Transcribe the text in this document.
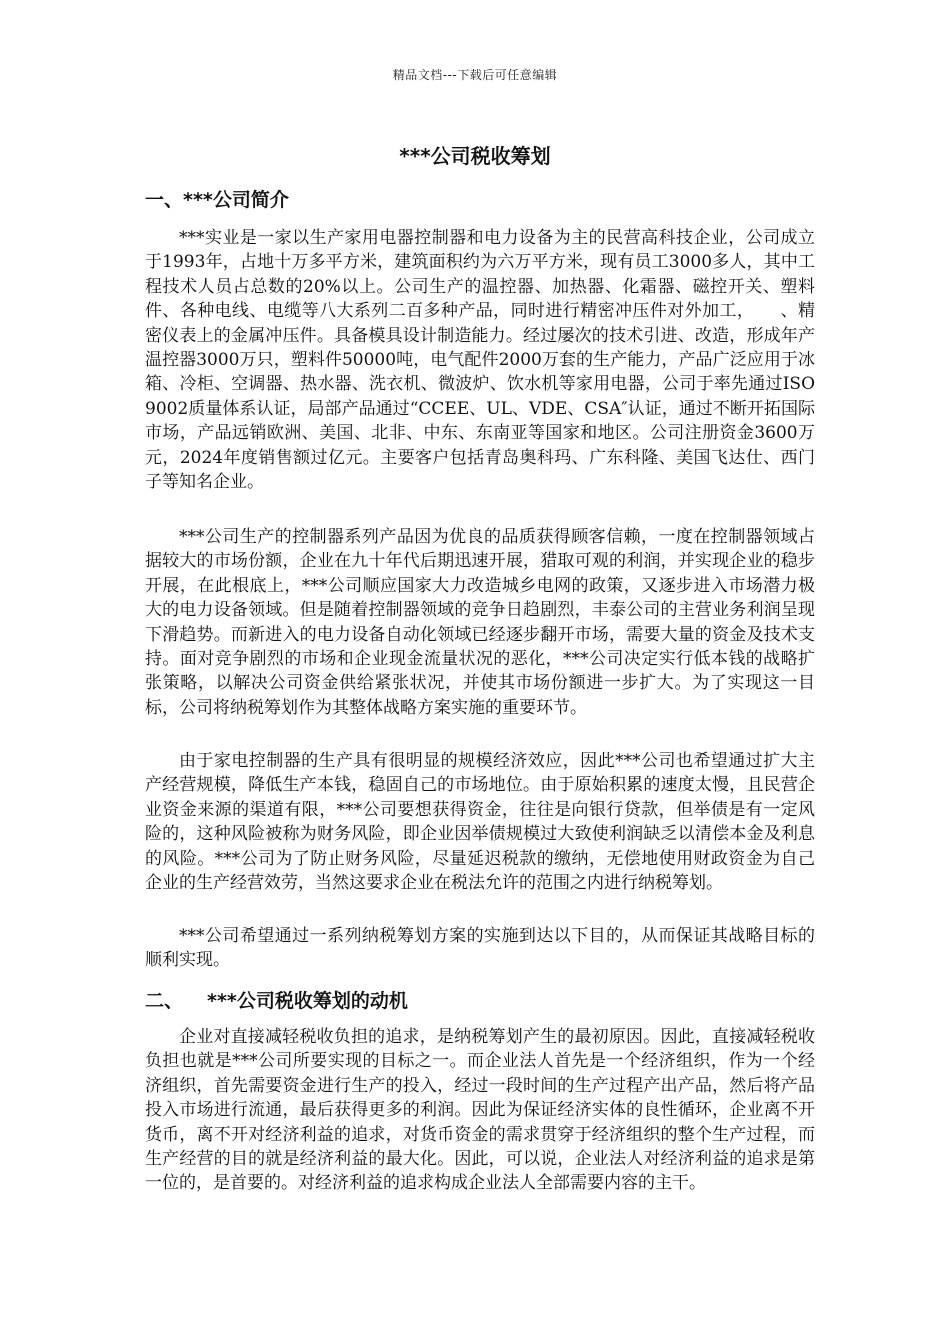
精品文档---下载后可任意编辑
***公司税收筹划
一、***公司简介

***实业是一家以生产家用电器控制器和电力设备为主的民营高科技企业，公司成立于1993年，占地十万多平方米，建筑面积约为六万平方米，现有员工3000多人，其中工程技术人员占总数的20%以上。公司生产的温控器、加热器、化霜器、磁控开关、塑料件、各种电线、电缆等八大系列二百多种产品，同时进行精密冲压件对外加工，　　、精密仪表上的金属冲压件。具备模具设计制造能力。经过屡次的技术引进、改造，形成年产温控器3000万只，塑料件50000吨，电气配件2000万套的生产能力，产品广泛应用于冰箱、冷柜、空调器、热水器、洗衣机、微波炉、饮水机等家用电器，公司于率先通过ISO9002质量体系认证，局部产品通过“CCEE、UL、VDE、CSA″认证，通过不断开拓国际市场，产品远销欧洲、美国、北非、中东、东南亚等国家和地区。公司注册资金3600万元，2024年度销售额过亿元。主要客户包括青岛奥科玛、广东科隆、美国飞达仕、西门子等知名企业。

***公司生产的控制器系列产品因为优良的品质获得顾客信赖，一度在控制器领域占据较大的市场份额，企业在九十年代后期迅速开展，猎取可观的利润，并实现企业的稳步开展，在此根底上，***公司顺应国家大力改造城乡电网的政策，又逐步进入市场潜力极大的电力设备领域。但是随着控制器领域的竞争日趋剧烈，丰泰公司的主营业务利润呈现下滑趋势。而新进入的电力设备自动化领域已经逐步翻开市场，需要大量的资金及技术支持。面对竞争剧烈的市场和企业现金流量状况的恶化，***公司决定实行低本钱的战略扩张策略，以解决公司资金供给紧张状况，并使其市场份额进一步扩大。为了实现这一目标，公司将纳税筹划作为其整体战略方案实施的重要环节。

由于家电控制器的生产具有很明显的规模经济效应，因此***公司也希望通过扩大主产经营规模，降低生产本钱，稳固自己的市场地位。由于原始积累的速度太慢，且民营企业资金来源的渠道有限，***公司要想获得资金，往往是向银行贷款，但举债是有一定风险的，这种风险被称为财务风险，即企业因举债规模过大致使利润缺乏以清偿本金及利息的风险。***公司为了防止财务风险，尽量延迟税款的缴纳，无偿地使用财政资金为自己企业的生产经营效劳，当然这要求企业在税法允许的范围之内进行纳税筹划。

***公司希望通过一系列纳税筹划方案的实施到达以下目的，从而保证其战略目标的顺利实现。

二、 ***公司税收筹划的动机

企业对直接减轻税收负担的追求，是纳税筹划产生的最初原因。因此，直接减轻税收负担也就是***公司所要实现的目标之一。而企业法人首先是一个经济组织，作为一个经济组织，首先需要资金进行生产的投入，经过一段时间的生产过程产出产品，然后将产品投入市场进行流通，最后获得更多的利润。因此为保证经济实体的良性循环，企业离不开货币，离不开对经济利益的追求，对货币资金的需求贯穿于经济组织的整个生产过程，而生产经营的目的就是经济利益的最大化。因此，可以说，企业法人对经济利益的追求是第一位的，是首要的。对经济利益的追求构成企业法人全部需要内容的主干。
